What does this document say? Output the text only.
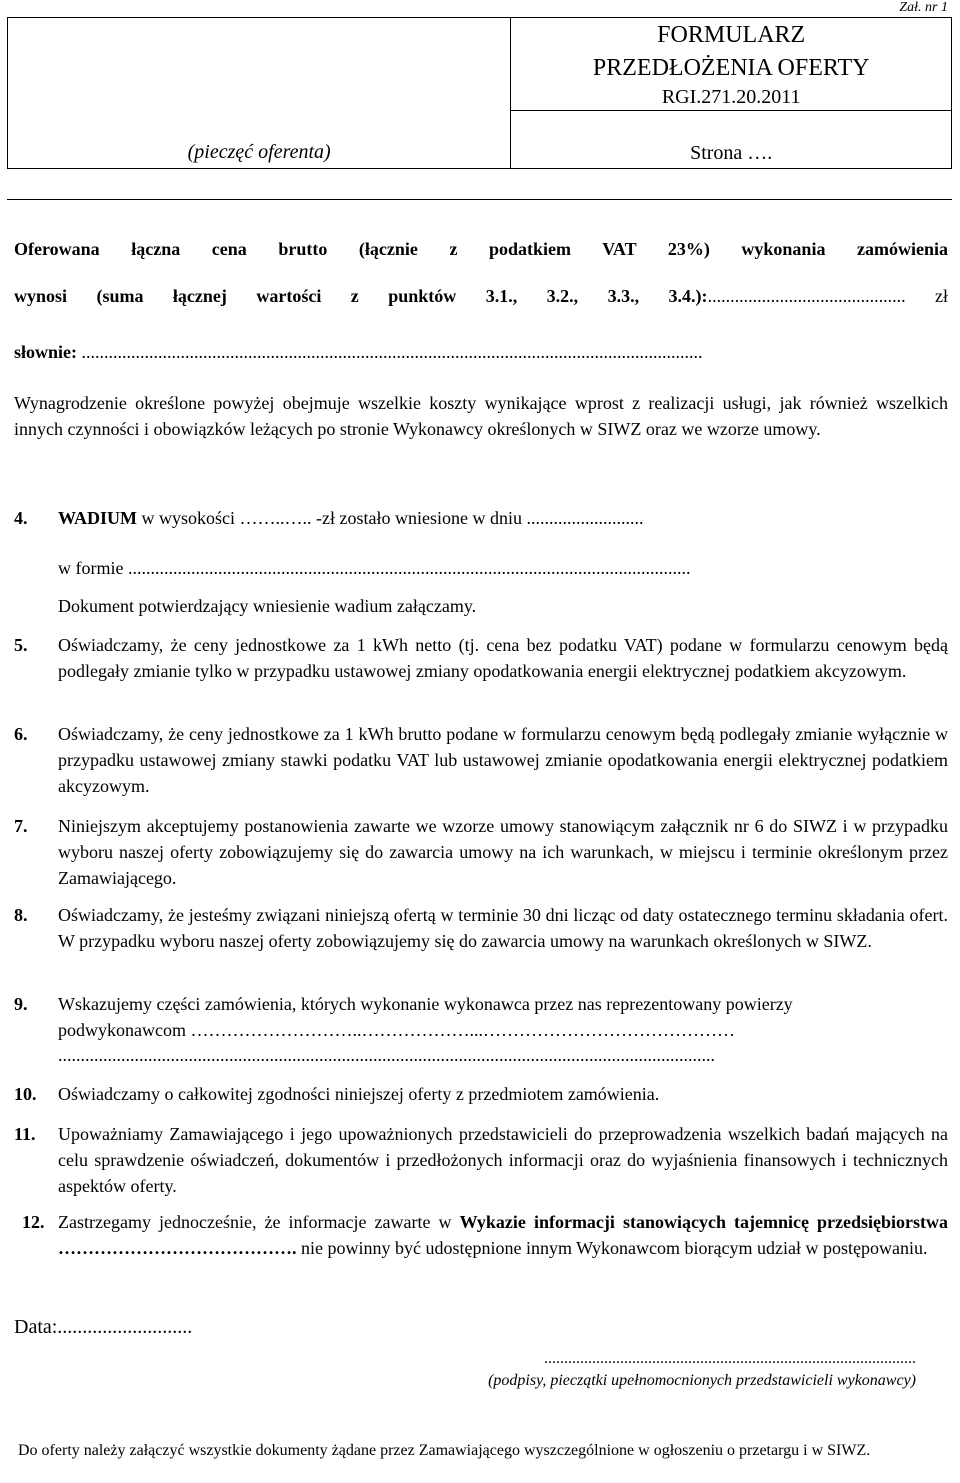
Zał. nr 1
(pieczęć oferenta)	
FORMULARZ
PRZEDŁOŻENIA OFERTY
RGI.271.20.2011
Strona ….
Oferowana łączna cena brutto (łącznie z podatkiem VAT 23%) wykonania zamówienia
wynosi (suma łącznej wartości z punktów 3.1., 3.2., 3.3., 3.4.):............................................ zł
słownie: ..........................................................................................................................................
Wynagrodzenie określone powyżej obejmuje wszelkie koszty wynikające wprost z realizacji usługi, jak również wszelkich innych czynności i obowiązków leżących po stronie Wykonawcy określonych w SIWZ oraz we wzorze umowy.
4. WADIUM w wysokości ……..….. -zł zostało wniesione w dniu ..........................
w formie .............................................................................................................................
Dokument potwierdzający wniesienie wadium załączamy.
5. Oświadczamy, że ceny jednostkowe za 1 kWh netto (tj. cena bez podatku VAT) podane w formularzu cenowym będą podlegały zmianie tylko w przypadku ustawowej zmiany opodatkowania energii elektrycznej podatkiem akcyzowym.
6. Oświadczamy, że ceny jednostkowe za 1 kWh brutto podane w formularzu cenowym będą podlegały zmianie wyłącznie w przypadku ustawowej zmiany stawki podatku VAT lub ustawowej zmianie opodatkowania energii elektrycznej podatkiem akcyzowym.
7. Niniejszym akceptujemy postanowienia zawarte we wzorze umowy stanowiącym załącznik nr 6 do SIWZ i w przypadku wyboru naszej oferty zobowiązujemy się do zawarcia umowy na ich warunkach, w miejscu i terminie określonym przez Zamawiającego.
8. Oświadczamy, że jesteśmy związani niniejszą ofertą w terminie 30 dni licząc od daty ostatecznego terminu składania ofert. W przypadku wyboru naszej oferty zobowiązujemy się do zawarcia umowy na warunkach określonych w SIWZ.
9. Wskazujemy części zamówienia, których wykonanie wykonawca przez nas reprezentowany powierzy
podwykonawcom ………………………..………………...……………………………………
..................................................................................................................................................
10. Oświadczamy o całkowitej zgodności niniejszej oferty z przedmiotem zamówienia.
11. Upoważniamy Zamawiającego i jego upoważnionych przedstawicieli do przeprowadzenia wszelkich badań mających na celu sprawdzenie oświadczeń, dokumentów i przedłożonych informacji oraz do wyjaśnienia finansowych i technicznych aspektów oferty.
12. Zastrzegamy jednocześnie, że informacje zawarte w Wykazie informacji stanowiących tajemnicę przedsiębiorstwa …………………………………. nie powinny być udostępnione innym Wykonawcom biorącym udział w postępowaniu.
Data:...........................
.............................................................................................
(podpisy, pieczątki upełnomocnionych przedstawicieli wykonawcy)
Do oferty należy załączyć wszystkie dokumenty żądane przez Zamawiającego wyszczególnione w ogłoszeniu o przetargu i w SIWZ.
